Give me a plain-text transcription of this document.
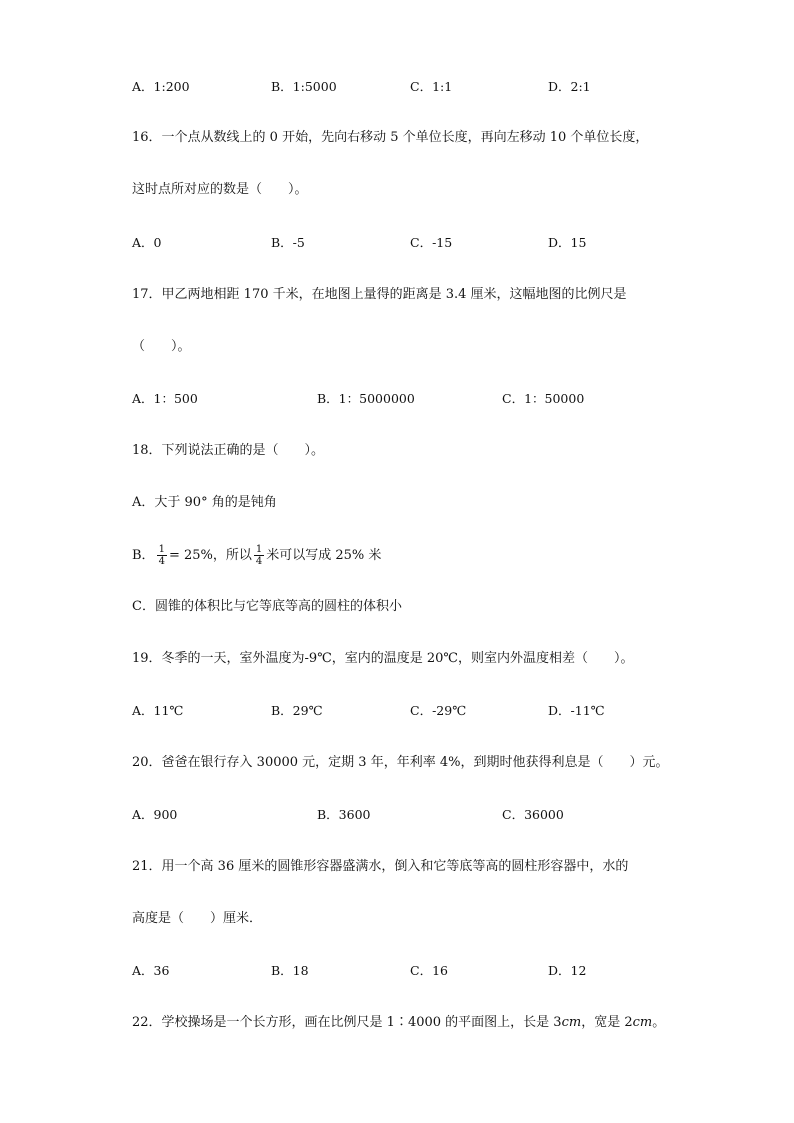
A．1:200	B．1:5000	C．1:1	D．2:1
16．一个点从数线上的 0 开始，先向右移动 5 个单位长度，再向左移动 10 个单位长度，
这时点所对应的数是（　　）。
A．0	B．-5	C．-15	D．15
17．甲乙两地相距 170 千米，在地图上量得的距离是 3.4 厘米，这幅地图的比例尺是
（　　）。
A．1：500	B．1：5000000	C．1：50000
18．下列说法正确的是（　　）。
A．大于 90° 角的是钝角
B． $\frac{1}{4} = 25\%$，所以 $\frac{1}{4}$ 米可以写成 25% 米
C．圆锥的体积比与它等底等高的圆柱的体积小
19．冬季的一天，室外温度为-9℃，室内的温度是 20℃，则室内外温度相差（　　）。
A．11℃	B．29℃	C．-29℃	D．-11℃
20．爸爸在银行存入 30000 元，定期 3 年，年利率 4%，到期时他获得利息是（　　）元。
A．900	B．3600	C．36000
21．用一个高 36 厘米的圆锥形容器盛满水，倒入和它等底等高的圆柱形容器中，水的
高度是（　　）厘米．
A．36	B．18	C．16	D．12
22．学校操场是一个长方形，画在比例尺是 1∶4000 的平面图上，长是 3cm，宽是 2cm。
